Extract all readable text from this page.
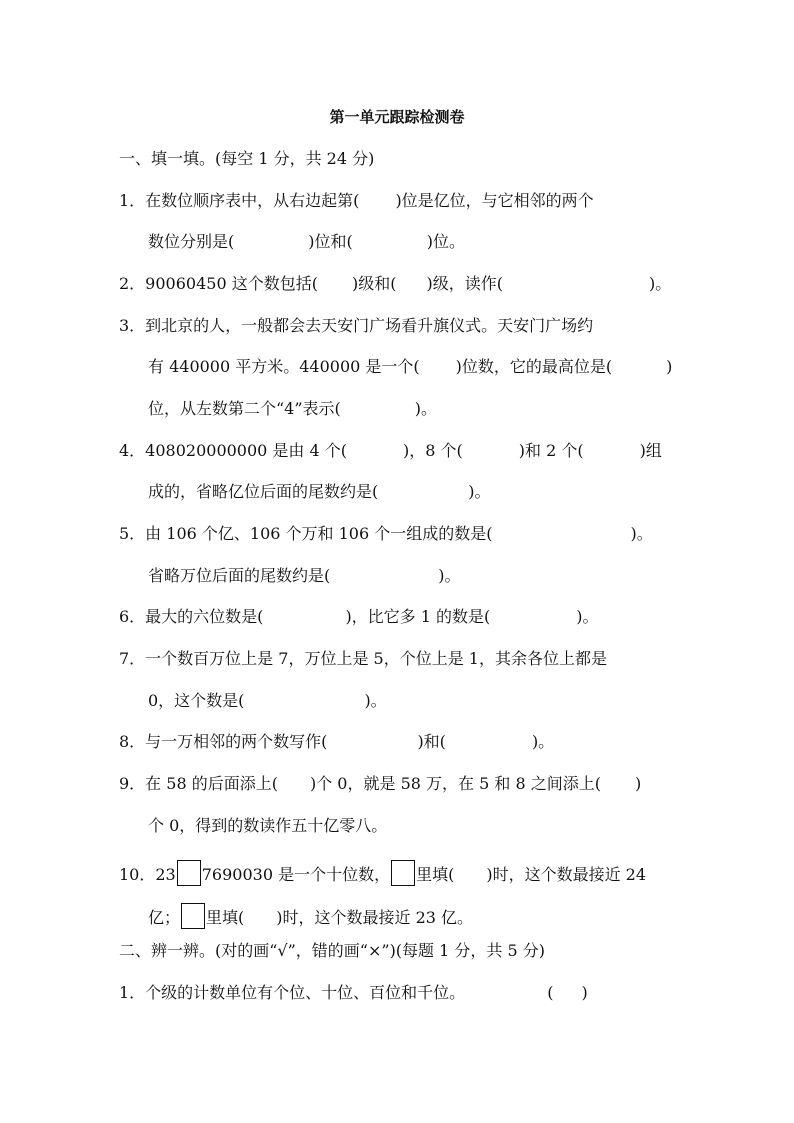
第一单元跟踪检测卷
一、填一填。(每空 1 分，共 24 分)
1．在数位顺序表中，从右边起第( )位是亿位，与它相邻的两个
数位分别是(	)位和(	)位。
2．90060450 这个数包括( )级和( )级，读作(	)。
3．到北京的人，一般都会去天安门广场看升旗仪式。天安门广场约
有 440000 平方米。440000 是一个( )位数，它的最高位是(	)
位，从左数第二个“4”表示(	)。
4．408020000000 是由 4 个(	)，8 个(	)和 2 个(	)组
成的，省略亿位后面的尾数约是(	)。
5．由 106 个亿、106 个万和 106 个一组成的数是(	)。
省略万位后面的尾数约是(	)。
6．最大的六位数是(	)，比它多 1 的数是(	)。
7．一个数百万位上是 7，万位上是 5，个位上是 1，其余各位上都是
0，这个数是(	)。
8．与一万相邻的两个数写作(	)和(	)。
9．在 58 的后面添上( )个 0，就是 58 万，在 5 和 8 之间添上( )
个 0，得到的数读作五十亿零八。
10．23 7690030 是一个十位数， 里填( )时，这个数最接近 24
亿； 里填( )时，这个数最接近 23 亿。
二、辨一辨。(对的画“√”，错的画“×”)(每题 1 分，共 5 分)
1．个级的计数单位有个位、十位、百位和千位。	( )
